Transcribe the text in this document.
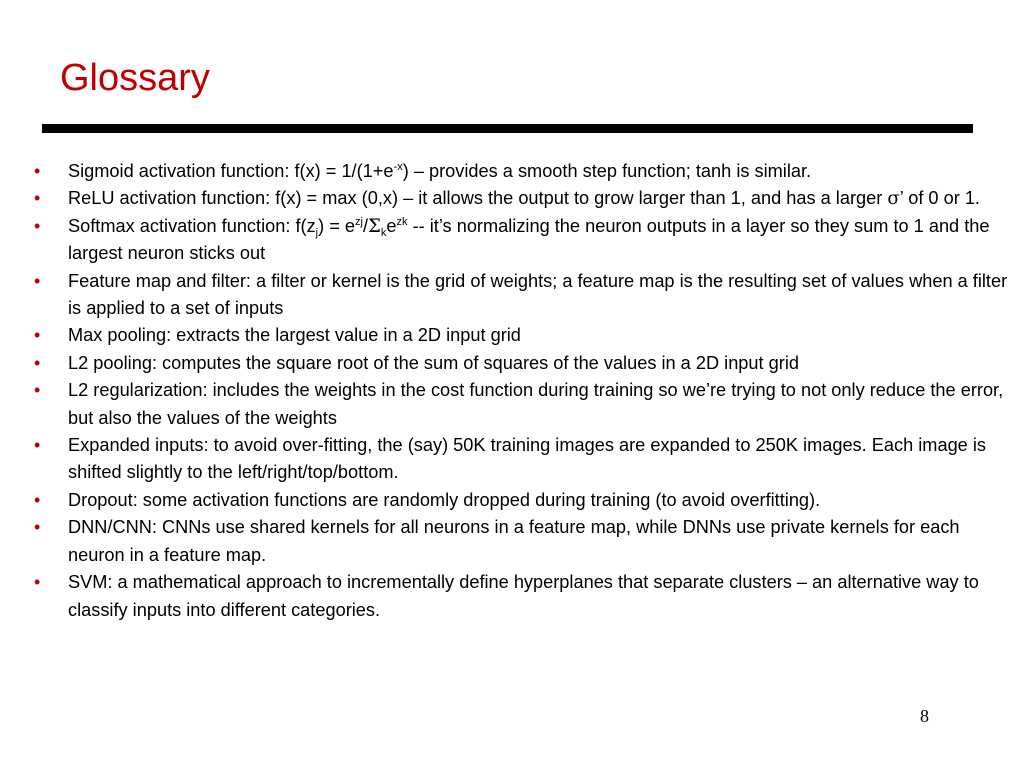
Glossary
•	Sigmoid activation function: $f(x) = 1/(1+e^{-x})$ – provides a smooth step function; tanh is similar.
•	ReLU activation function: f(x) = max (0,x) – it allows the output to grow larger than 1, and has a larger σ’ of 0 or 1.
•	Softmax activation function: $f(z_j) = e^{zj}/\Sigma_ke^{zk}$ -- it’s normalizing the neuron outputs in a layer so they sum to 1 and the largest neuron sticks out
•	Feature map and filter: a filter or kernel is the grid of weights; a feature map is the resulting set of values when a filter is applied to a set of inputs
•	Max pooling: extracts the largest value in a 2D input grid
•	L2 pooling: computes the square root of the sum of squares of the values in a 2D input grid
•	L2 regularization: includes the weights in the cost function during training so we’re trying to not only reduce the error, but also the values of the weights
•	Expanded inputs: to avoid over-fitting, the (say) 50K training images are expanded to 250K images. Each image is shifted slightly to the left/right/top/bottom.
•	Dropout: some activation functions are randomly dropped during training (to avoid overfitting).
•	DNN/CNN: CNNs use shared kernels for all neurons in a feature map, while DNNs use private kernels for each neuron in a feature map.
•	SVM: a mathematical approach to incrementally define hyperplanes that separate clusters – an alternative way to classify inputs into different categories.
8
